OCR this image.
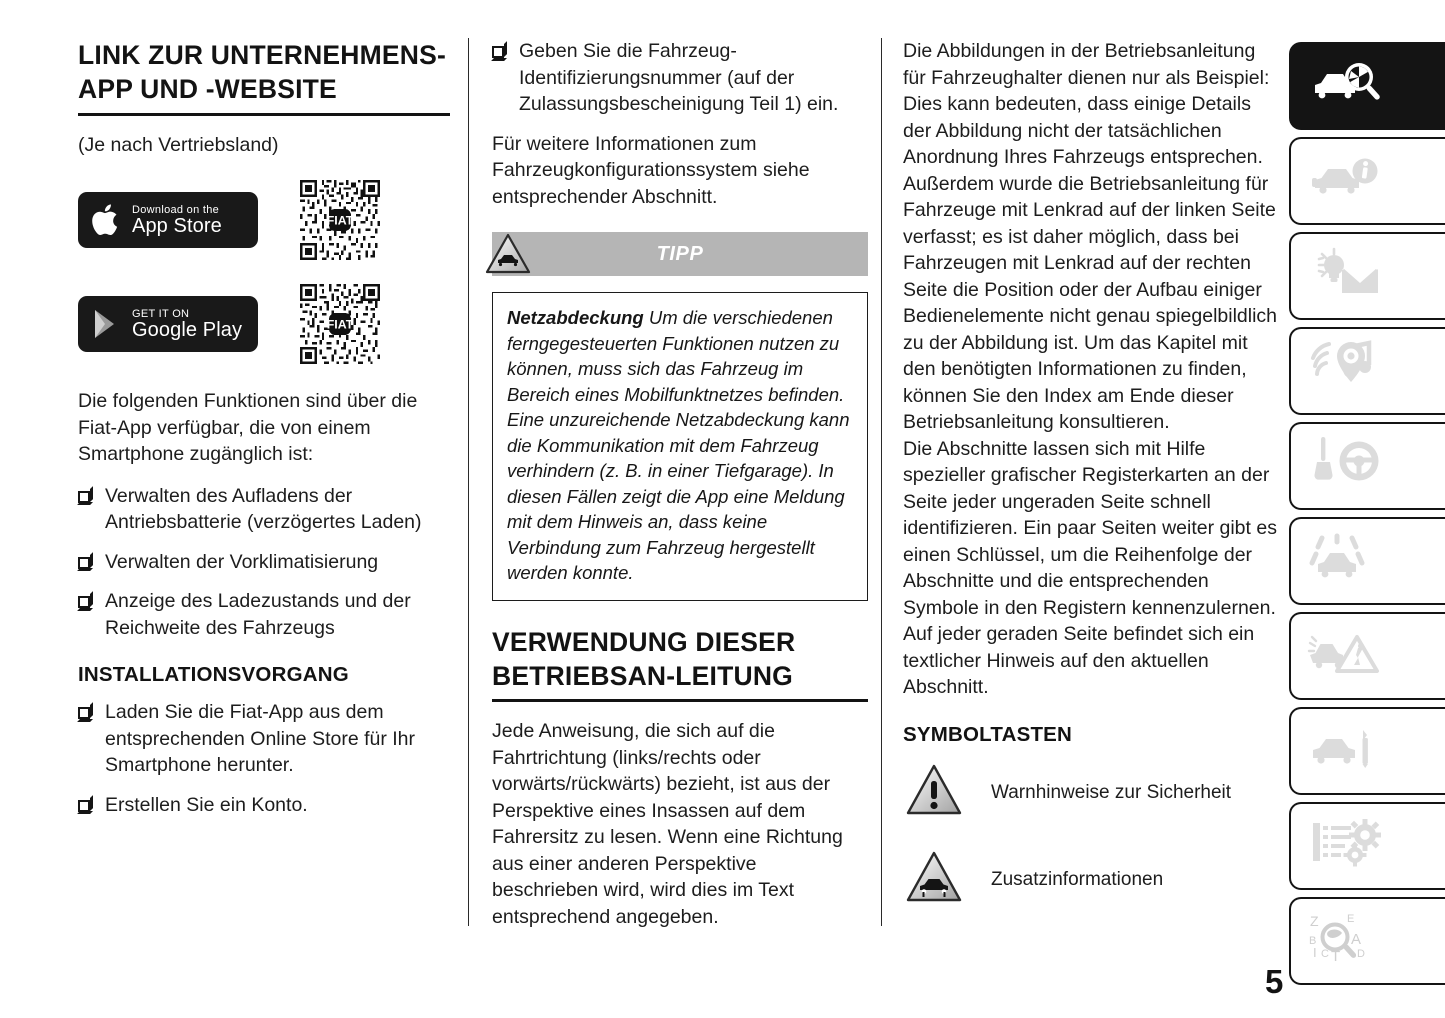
LINK ZUR UNTERNEHMENS-APP UND -WEBSITE

(Je nach Vertriebsland)

Download on the
App Store	FIAT
GET IT ON
Google Play	FIAT

Die folgenden Funktionen sind über die Fiat-App verfügbar, die von einem Smartphone zugänglich ist:

Verwalten des Aufladens der Antriebsbatterie (verzögertes Laden)
Verwalten der Vorklimatisierung
Anzeige des Ladezustands und der Reichweite des Fahrzeugs
INSTALLATIONSVORGANG
Laden Sie die Fiat-App aus dem entsprechenden Online Store für Ihr Smartphone herunter.
Erstellen Sie ein Konto.
Geben Sie die Fahrzeug-Identifizierungsnummer (auf der Zulassungsbescheinigung Teil 1) ein.

Für weitere Informationen zum Fahrzeugkonfigurationssystem siehe entsprechender Abschnitt.

TIPP

Netzabdeckung Um die verschiedenen ferngegesteuerten Funktionen nutzen zu können, muss sich das Fahrzeug im Bereich eines Mobilfunktnetzes befinden. Eine unzureichende Netzabdeckung kann die Kommunikation mit dem Fahrzeug verhindern (z. B. in einer Tiefgarage). In diesen Fällen zeigt die App eine Meldung mit dem Hinweis an, dass keine Verbindung zum Fahrzeug hergestellt werden konnte.

VERWENDUNG DIESER BETRIEBSAN-LEITUNG

Jede Anweisung, die sich auf die Fahrtrichtung (links/rechts oder vorwärts/rückwärts) bezieht, ist aus der Perspektive eines Insassen auf dem Fahrersitz zu lesen. Wenn eine Richtung aus einer anderen Perspektive beschrieben wird, wird dies im Text entsprechend angegeben.

Die Abbildungen in der Betriebsanleitung für Fahrzeughalter dienen nur als Beispiel: Dies kann bedeuten, dass einige Details der Abbildung nicht der tatsächlichen Anordnung Ihres Fahrzeugs entsprechen. Außerdem wurde die Betriebsanleitung für Fahrzeuge mit Lenkrad auf der linken Seite verfasst; es ist daher möglich, dass bei Fahrzeugen mit Lenkrad auf der rechten Seite die Position oder der Aufbau einiger Bedienelemente nicht genau spiegelbildlich zu der Abbildung ist. Um das Kapitel mit den benötigten Informationen zu finden, können Sie den Index am Ende dieser Betriebsanleitung konsultieren.

Die Abschnitte lassen sich mit Hilfe spezieller grafischer Registerkarten an der Seite jeder ungeraden Seite schnell identifizieren. Ein paar Seiten weiter gibt es einen Schlüssel, um die Reihenfolge der Abschnitte und die entsprechenden Symbole in den Registern kennenzulernen. Auf jeder geraden Seite befindet sich ein textlicher Hinweis auf den aktuellen Abschnitt.

SYMBOLTASTEN
Warnhinweise zur Sicherheit
Zusatzinformationen
Z
B
I C T
E
A
D
5
